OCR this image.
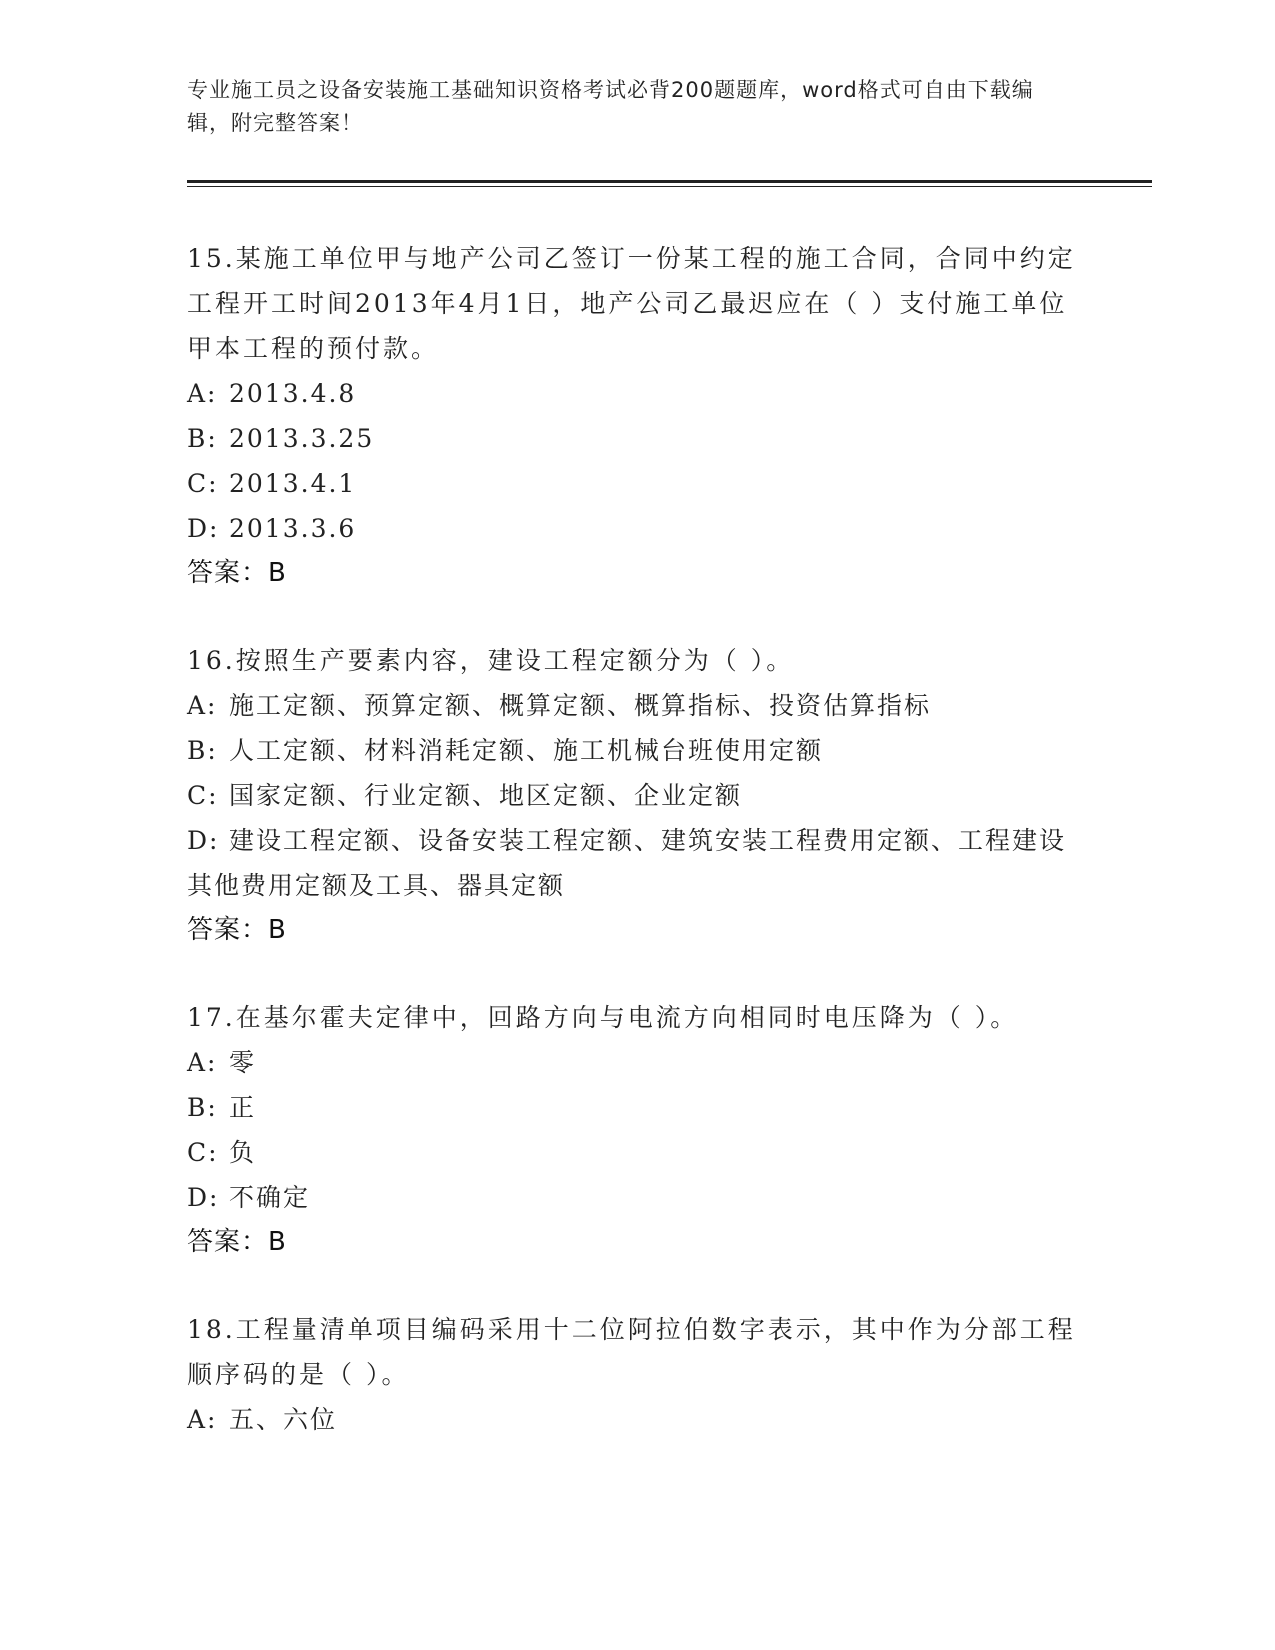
专业施工员之设备安装施工基础知识资格考试必背200题题库，word格式可自由下载编辑，附完整答案！
15.某施工单位甲与地产公司乙签订一份某工程的施工合同，合同中约定工程开工时间2013年4月1日，地产公司乙最迟应在（ ）支付施工单位甲本工程的预付款。
A: 2013.4.8
B: 2013.3.25
C: 2013.4.1
D: 2013.3.6
答案：B
16.按照生产要素内容，建设工程定额分为（ ）。
A: 施工定额、预算定额、概算定额、概算指标、投资估算指标
B: 人工定额、材料消耗定额、施工机械台班使用定额
C: 国家定额、行业定额、地区定额、企业定额
D: 建设工程定额、设备安装工程定额、建筑安装工程费用定额、工程建设其他费用定额及工具、器具定额
答案：B
17.在基尔霍夫定律中，回路方向与电流方向相同时电压降为（ ）。
A: 零
B: 正
C: 负
D: 不确定
答案：B
18.工程量清单项目编码采用十二位阿拉伯数字表示，其中作为分部工程顺序码的是（ ）。
A: 五、六位
